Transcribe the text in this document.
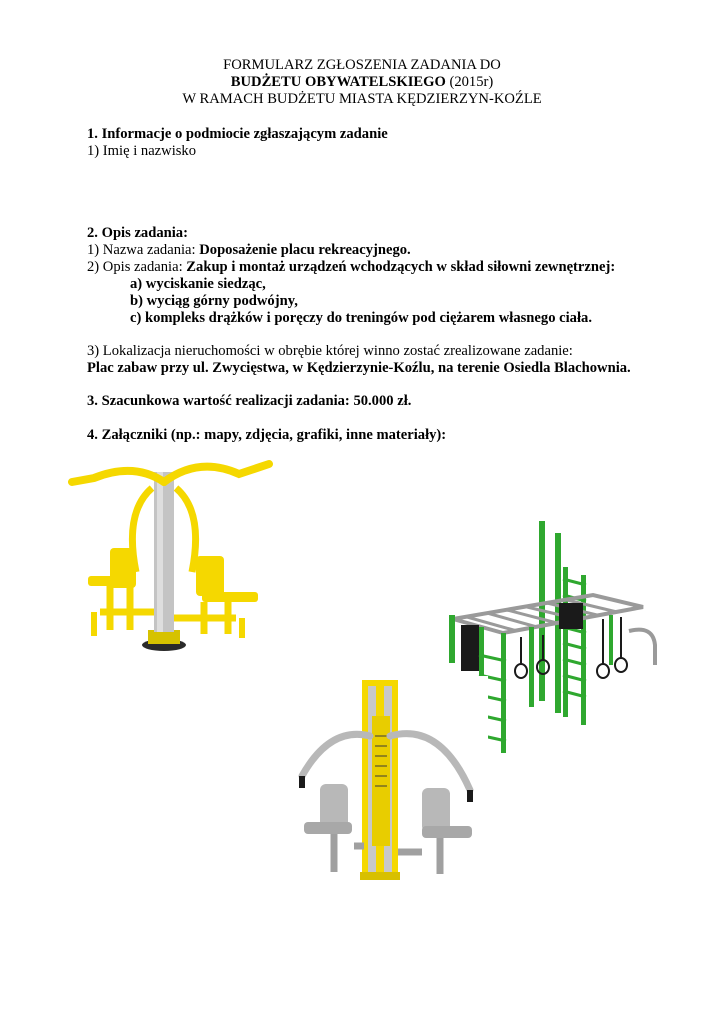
FORMULARZ ZGŁOSZENIA ZADANIA DO
BUDŻETU OBYWATELSKIEGO (2015r)
W RAMACH BUDŻETU MIASTA KĘDZIERZYN-KOŹLE
1. Informacje o podmiocie zgłaszającym zadanie
1) Imię i nazwisko
2. Opis zadania:
1) Nazwa zadania: Doposażenie placu rekreacyjnego.
2) Opis zadania: Zakup i montaż urządzeń wchodzących w skład siłowni zewnętrznej:
a) wyciskanie siedząc,
b) wyciąg górny podwójny,
c) kompleks drążków i poręczy do treningów pod ciężarem własnego ciała.
3) Lokalizacja nieruchomości w obrębie której winno zostać zrealizowane zadanie:
Plac zabaw przy ul. Zwycięstwa, w Kędzierzynie-Koźlu, na terenie Osiedla Blachownia.
3. Szacunkowa wartość realizacji zadania: 50.000 zł.
4. Załączniki (np.: mapy, zdjęcia, grafiki, inne materiały):
